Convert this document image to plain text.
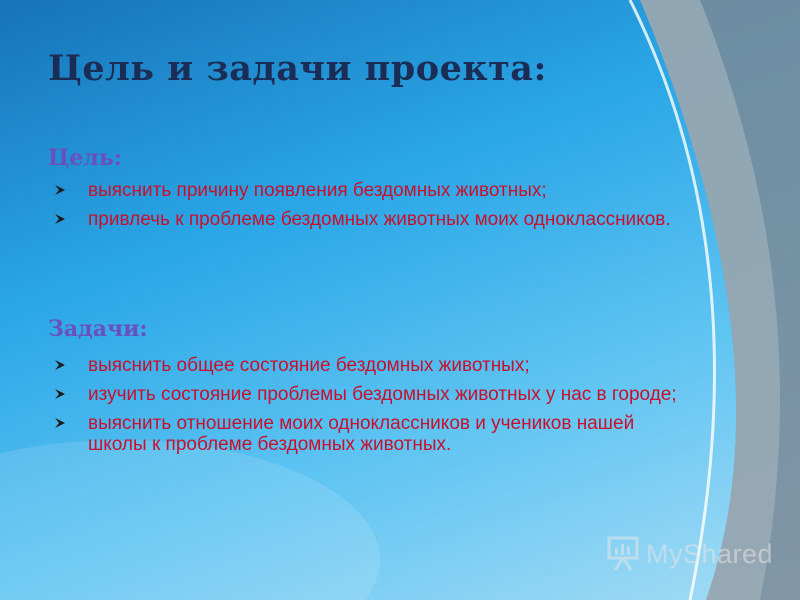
Цель и задачи проекта:
Цель:
выяснить причину появления бездомных животных;
привлечь к проблеме бездомных животных моих одноклассников.
Задачи:
выяснить общее состояние бездомных животных;
изучить состояние проблемы бездомных животных у нас в городе;
выяснить отношение моих одноклассников и учеников нашей школы к проблеме бездомных животных.
MyShared
